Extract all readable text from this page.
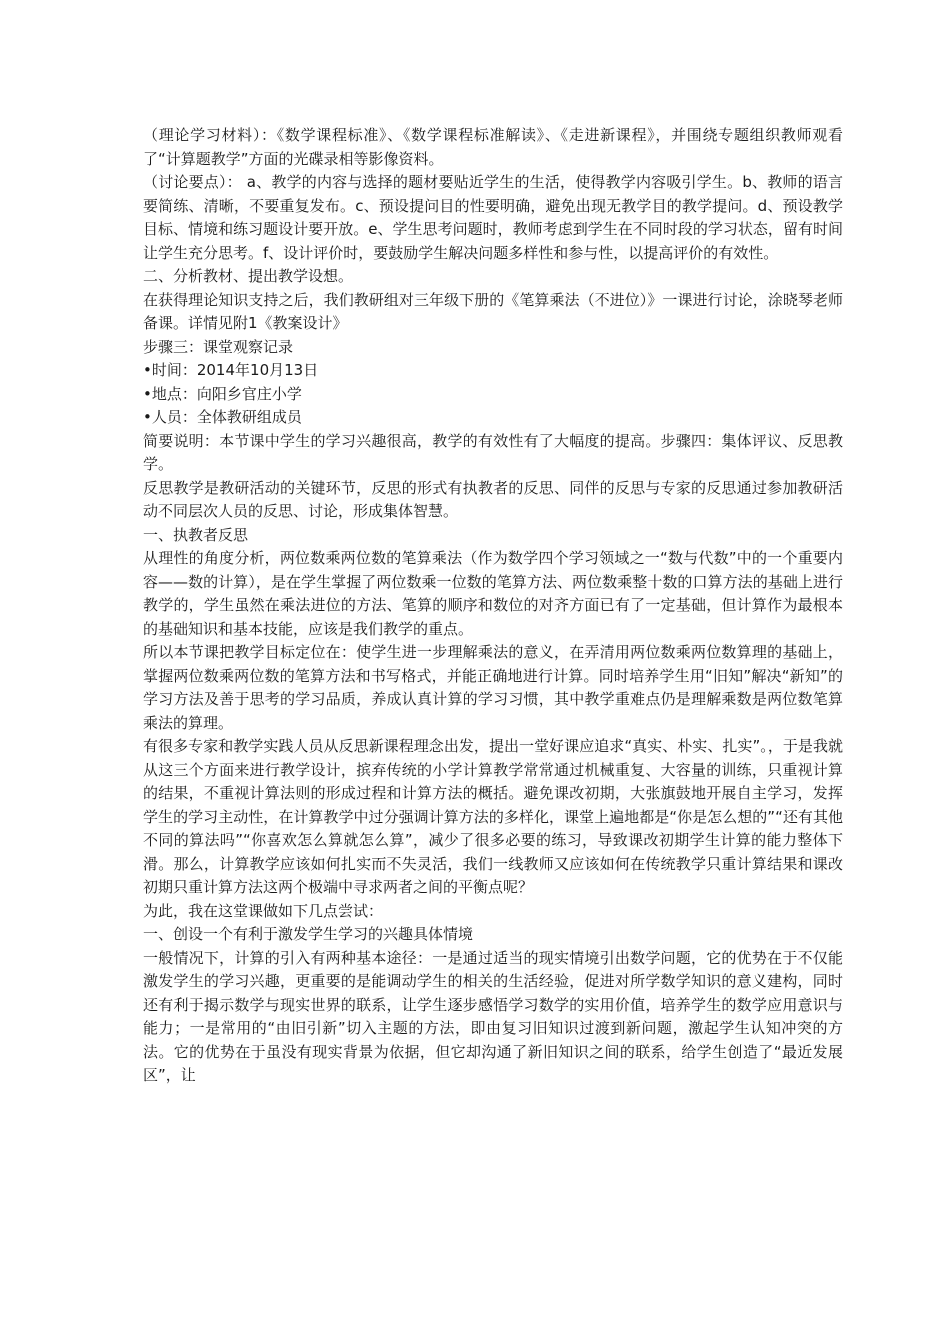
（理论学习材料）：《数学课程标准》、《数学课程标准解读》、《走进新课程》，并围绕专题组织教师观看了“计算题教学”方面的光碟录相等影像资料。

（讨论要点）： a、教学的内容与选择的题材要贴近学生的生活，使得教学内容吸引学生。b、教师的语言要简练、清晰，不要重复发布。c、预设提问目的性要明确，避免出现无教学目的教学提问。d、预设教学目标、情境和练习题设计要开放。e、学生思考问题时，教师考虑到学生在不同时段的学习状态，留有时间让学生充分思考。f、设计评价时，要鼓励学生解决问题多样性和参与性，以提高评价的有效性。

二、分析教材、提出教学设想。

在获得理论知识支持之后，我们教研组对三年级下册的《笔算乘法（不进位）》一课进行讨论，涂晓琴老师备课。详情见附1《教案设计》

步骤三：课堂观察记录

•时间：2014年10月13日

•地点：向阳乡官庄小学

•人员：全体教研组成员

简要说明：本节课中学生的学习兴趣很高，教学的有效性有了大幅度的提高。步骤四：集体评议、反思教学。

反思教学是教研活动的关键环节，反思的形式有执教者的反思、同伴的反思与专家的反思通过参加教研活动不同层次人员的反思、讨论，形成集体智慧。

一、执教者反思

从理性的角度分析，两位数乘两位数的笔算乘法（作为数学四个学习领域之一“数与代数”中的一个重要内容——数的计算），是在学生掌握了两位数乘一位数的笔算方法、两位数乘整十数的口算方法的基础上进行教学的，学生虽然在乘法进位的方法、笔算的顺序和数位的对齐方面已有了一定基础，但计算作为最根本的基础知识和基本技能，应该是我们教学的重点。

所以本节课把教学目标定位在：使学生进一步理解乘法的意义，在弄清用两位数乘两位数算理的基础上，掌握两位数乘两位数的笔算方法和书写格式，并能正确地进行计算。同时培养学生用“旧知”解决“新知”的学习方法及善于思考的学习品质，养成认真计算的学习习惯，其中教学重难点仍是理解乘数是两位数笔算乘法的算理。

有很多专家和教学实践人员从反思新课程理念出发，提出一堂好课应追求“真实、朴实、扎实”。，于是我就从这三个方面来进行教学设计，摈弃传统的小学计算教学常常通过机械重复、大容量的训练，只重视计算的结果，不重视计算法则的形成过程和计算方法的概括。避免课改初期，大张旗鼓地开展自主学习，发挥学生的学习主动性，在计算教学中过分强调计算方法的多样化，课堂上遍地都是“你是怎么想的”“还有其他不同的算法吗”“你喜欢怎么算就怎么算”，减少了很多必要的练习，导致课改初期学生计算的能力整体下滑。那么，计算教学应该如何扎实而不失灵活，我们一线教师又应该如何在传统教学只重计算结果和课改初期只重计算方法这两个极端中寻求两者之间的平衡点呢？

为此，我在这堂课做如下几点尝试：

一、创设一个有利于激发学生学习的兴趣具体情境

一般情况下，计算的引入有两种基本途径：一是通过适当的现实情境引出数学问题，它的优势在于不仅能激发学生的学习兴趣，更重要的是能调动学生的相关的生活经验，促进对所学数学知识的意义建构，同时还有利于揭示数学与现实世界的联系，让学生逐步感悟学习数学的实用价值，培养学生的数学应用意识与能力；一是常用的“由旧引新”切入主题的方法，即由复习旧知识过渡到新问题，激起学生认知冲突的方法。它的优势在于虽没有现实背景为依据，但它却沟通了新旧知识之间的联系，给学生创造了“最近发展区”，让
